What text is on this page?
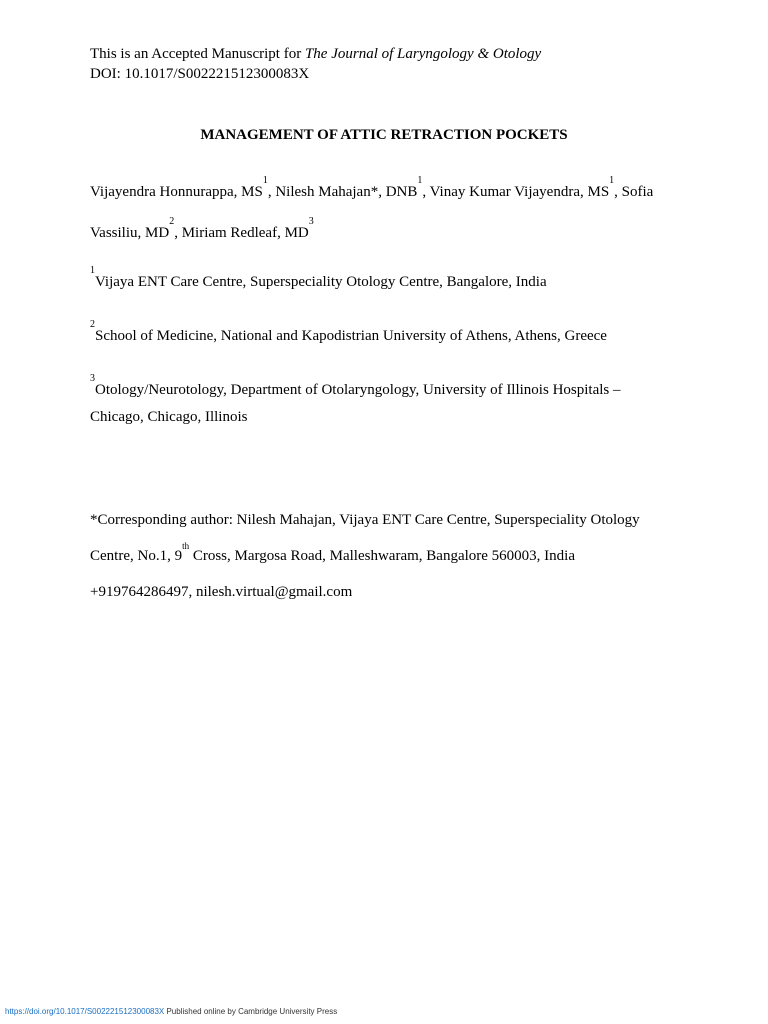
This is an Accepted Manuscript for The Journal of Laryngology & Otology
DOI: 10.1017/S002221512300083X
MANAGEMENT OF ATTIC RETRACTION POCKETS
Vijayendra Honnurappa, $MS^1$, Nilesh Mahajan*, DNB$^1$, Vinay Kumar Vijayendra, $MS^1$, Sofia
Vassiliu, $MD^2$, Miriam Redleaf, $MD^3$
$^1$Vijaya ENT Care Centre, Superspeciality Otology Centre, Bangalore, India
$^2$School of Medicine, National and Kapodistrian University of Athens, Athens, Greece
$^3$Otology/Neurotology, Department of Otolaryngology, University of Illinois Hospitals –
Chicago, Chicago, Illinois
*Corresponding author: Nilesh Mahajan, Vijaya ENT Care Centre, Superspeciality Otology
Centre, No.1, 9th Cross, Margosa Road, Malleshwaram, Bangalore 560003, India
+919764286497, nilesh.virtual@gmail.com
https://doi.org/10.1017/S002221512300083X Published online by Cambridge University Press
